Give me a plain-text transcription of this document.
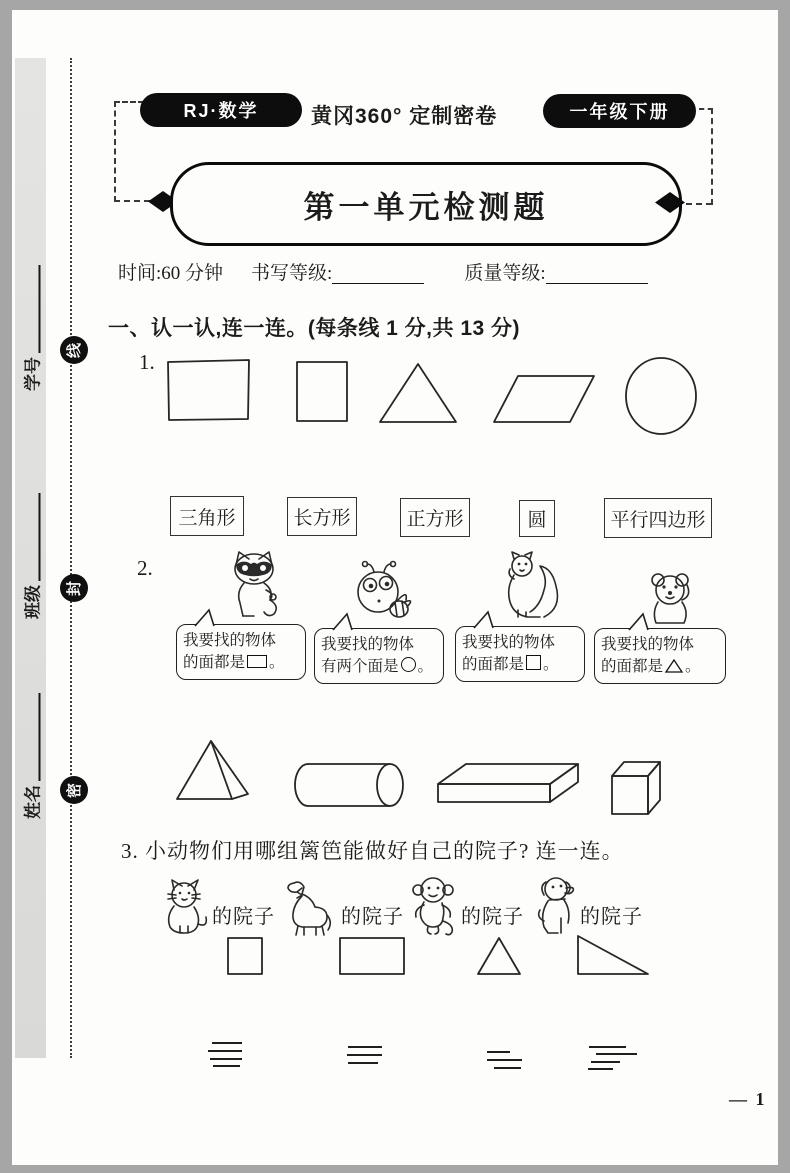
学号
班级
姓名
线
封
密
RJ·数学	黄冈360° 定制密卷	一年级下册
第一单元检测题
时间:60 分钟 书写等级:	质量等级:
一、认一认,连一连。(每条线 1 分,共 13 分)
1.
三角形	长方形	正方形	圆	平行四边形
2.
我要找的物体
的面都是 。
我要找的物体
有两个面是 。
我要找的物体
的面都是 。
我要找的物体
的面都是 。
3. 小动物们用哪组篱笆能做好自己的院子? 连一连。
的院子	的院子	的院子	的院子
— 1
